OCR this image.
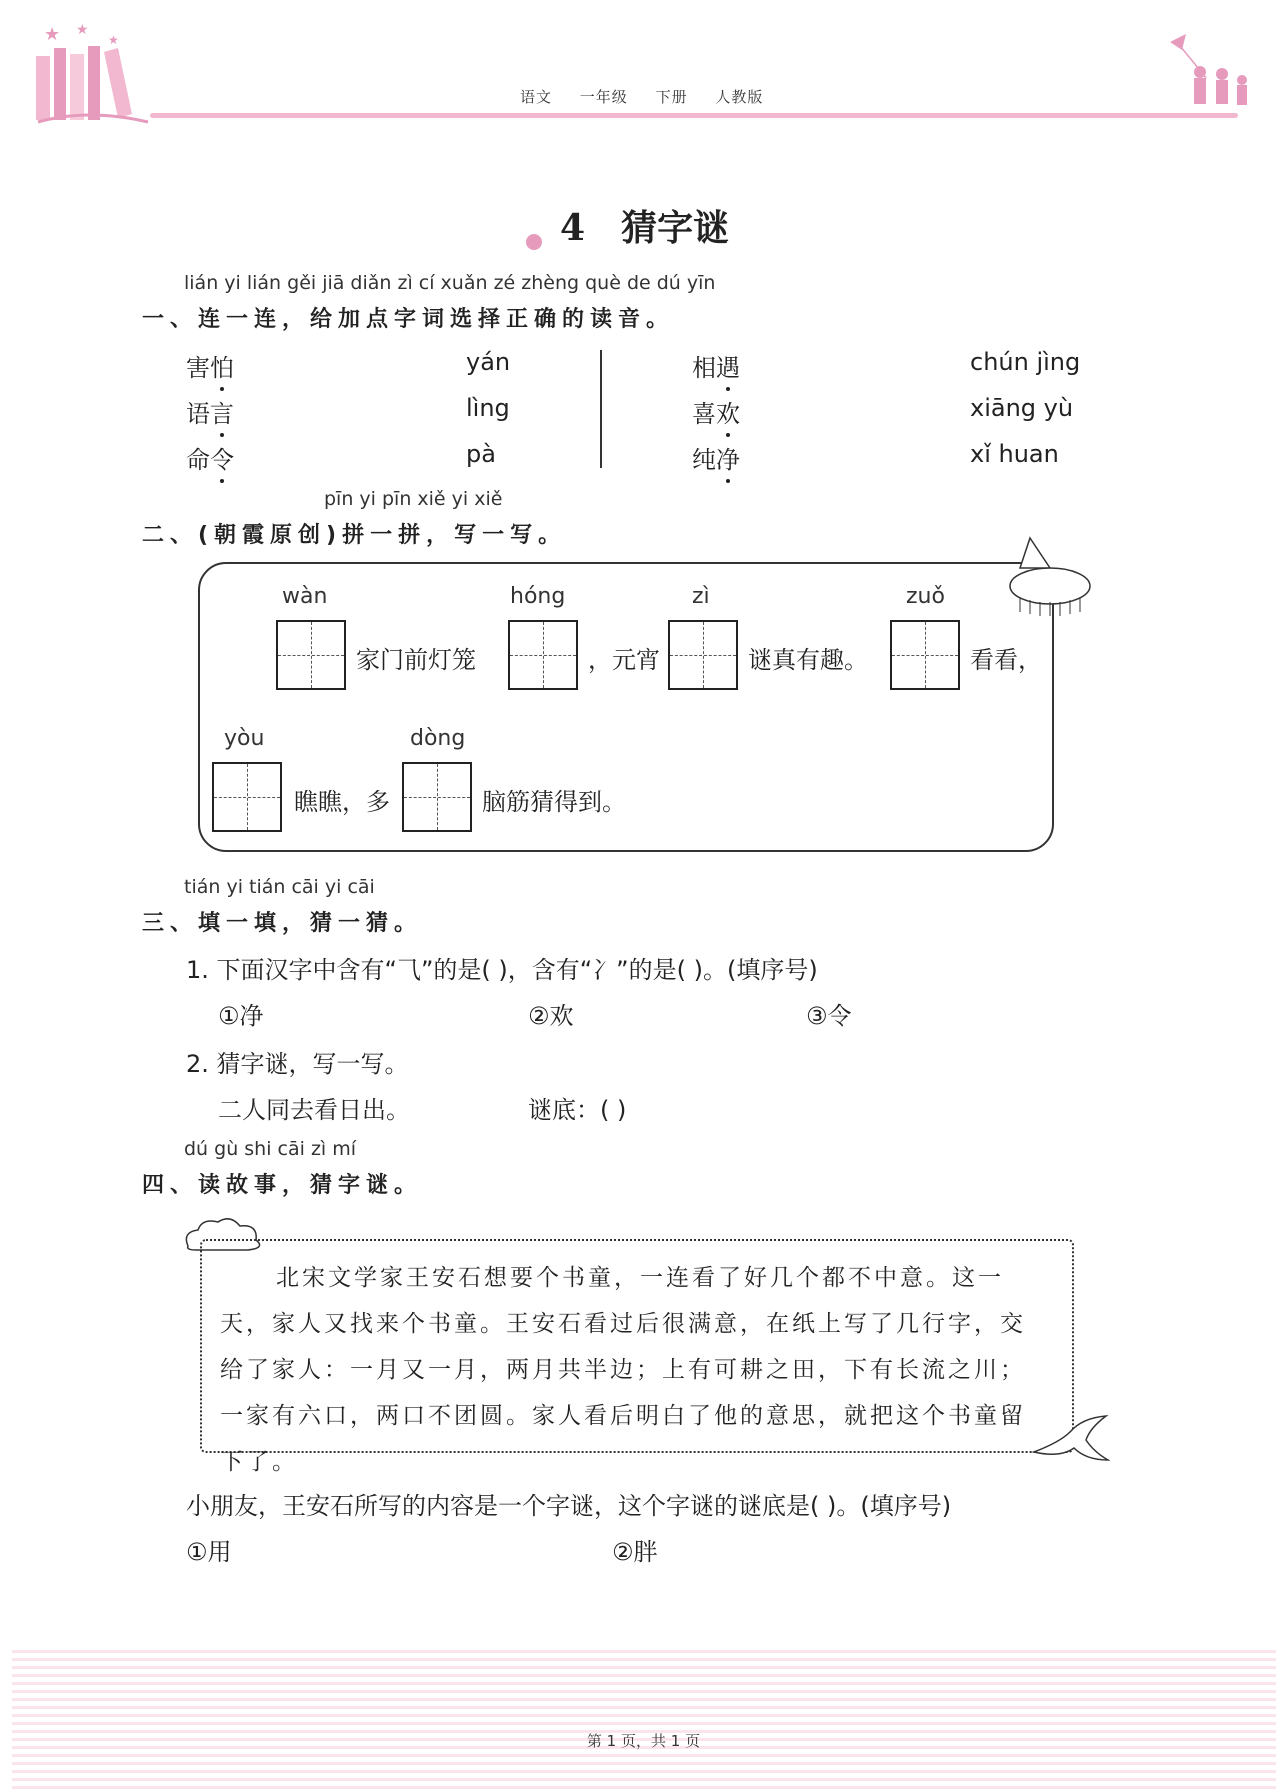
★ ★
★
语文 一年级 下册 人教版
4 猜字谜
lián yi lián gěi jiā diǎn zì cí xuǎn zé zhèng què de dú yīn
一、连一连，给加点字词选择正确的读音。
害怕
语言
命令
yán
lìng
pà
相遇
喜欢
纯净
chún jìng
xiāng yù
xǐ huan
pīn yi pīn xiě yi xiě
二、(朝霞原创)拼一拼，写一写。
wàn	hóng	zì	zuǒ
家门前灯笼	，元宵	谜真有趣。	看看，
yòu	dòng
瞧瞧，多	脑筋猜得到。
tián yi tián cāi yi cāi
三、填一填，猜一猜。
1. 下面汉字中含有“⺄”的是( )，含有“冫”的是( )。(填序号)
①净	②欢	③令
2. 猜字谜，写一写。
二人同去看日出。	谜底：( )
dú gù shi cāi zì mí
四、读故事，猜字谜。
北宋文学家王安石想要个书童，一连看了好几个都不中意。这一天，家人又找来个书童。王安石看过后很满意，在纸上写了几行字，交给了家人：一月又一月，两月共半边；上有可耕之田，下有长流之川；一家有六口，两口不团圆。家人看后明白了他的意思，就把这个书童留下了。
小朋友，王安石所写的内容是一个字谜，这个字谜的谜底是( )。(填序号)
①用	②胖
第 1 页，共 1 页
